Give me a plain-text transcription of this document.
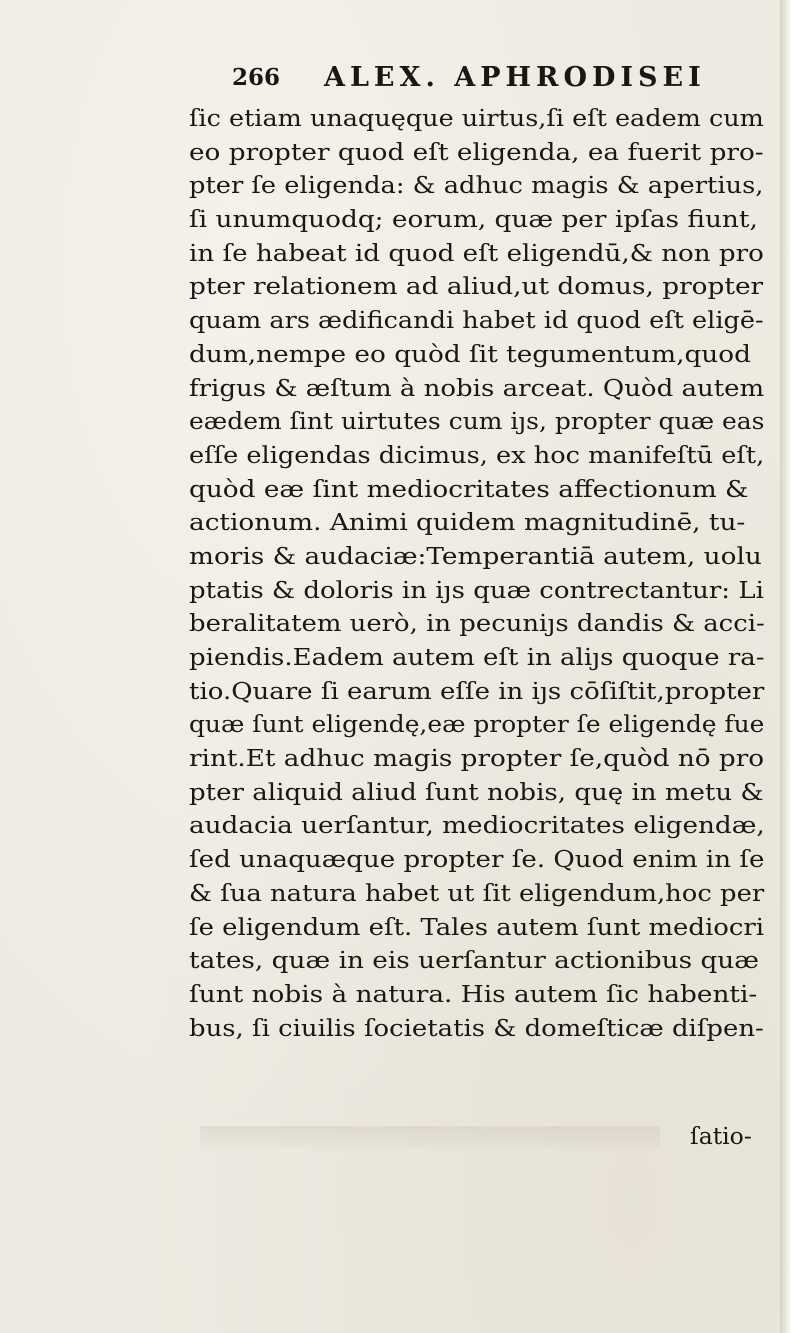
266 ALEX. APHRODISEI
ſic etiam unaquęque uirtus,ſi eſt eadem cum
eo propter quod eſt eligenda, ea fuerit pro-
pter ſe eligenda: & adhuc magis & apertius,
ſi unumquodq; eorum, quæ per ipſas fiunt,
in ſe habeat id quod eſt eligendū,& non pro
pter relationem ad aliud,ut domus, propter
quam ars ædificandi habet id quod eſt eligē-
dum,nempe eo quòd ſit tegumentum,quod
frigus & æſtum à nobis arceat. Quòd autem
eædem ſint uirtutes cum iȷs, propter quæ eas
eſſe eligendas dicimus, ex hoc manifeſtū eſt,
quòd eæ ſint mediocritates affectionum &
actionum. Animi quidem magnitudinē, tu-
moris & audaciæ:Temperantiā autem, uolu
ptatis & doloris in iȷs quæ contrectantur: Li
beralitatem uerò, in pecuniȷs dandis & acci-
piendis.Eadem autem eſt in aliȷs quoque ra-
tio.Quare ſi earum eſſe in iȷs cōſiſtit,propter
quæ ſunt eligendę,eæ propter ſe eligendę fue
rint.Et adhuc magis propter ſe,quòd nō pro
pter aliquid aliud ſunt nobis, quę in metu &
audacia uerſantur, mediocritates eligendæ,
ſed unaquæque propter ſe. Quod enim in ſe
& ſua natura habet ut ſit eligendum,hoc per
ſe eligendum eſt. Tales autem ſunt mediocri
tates, quæ in eis uerſantur actionibus quæ
ſunt nobis à natura. His autem ſic habenti-
bus, ſi ciuilis ſocietatis & domeſticæ diſpen-
ſatio-
